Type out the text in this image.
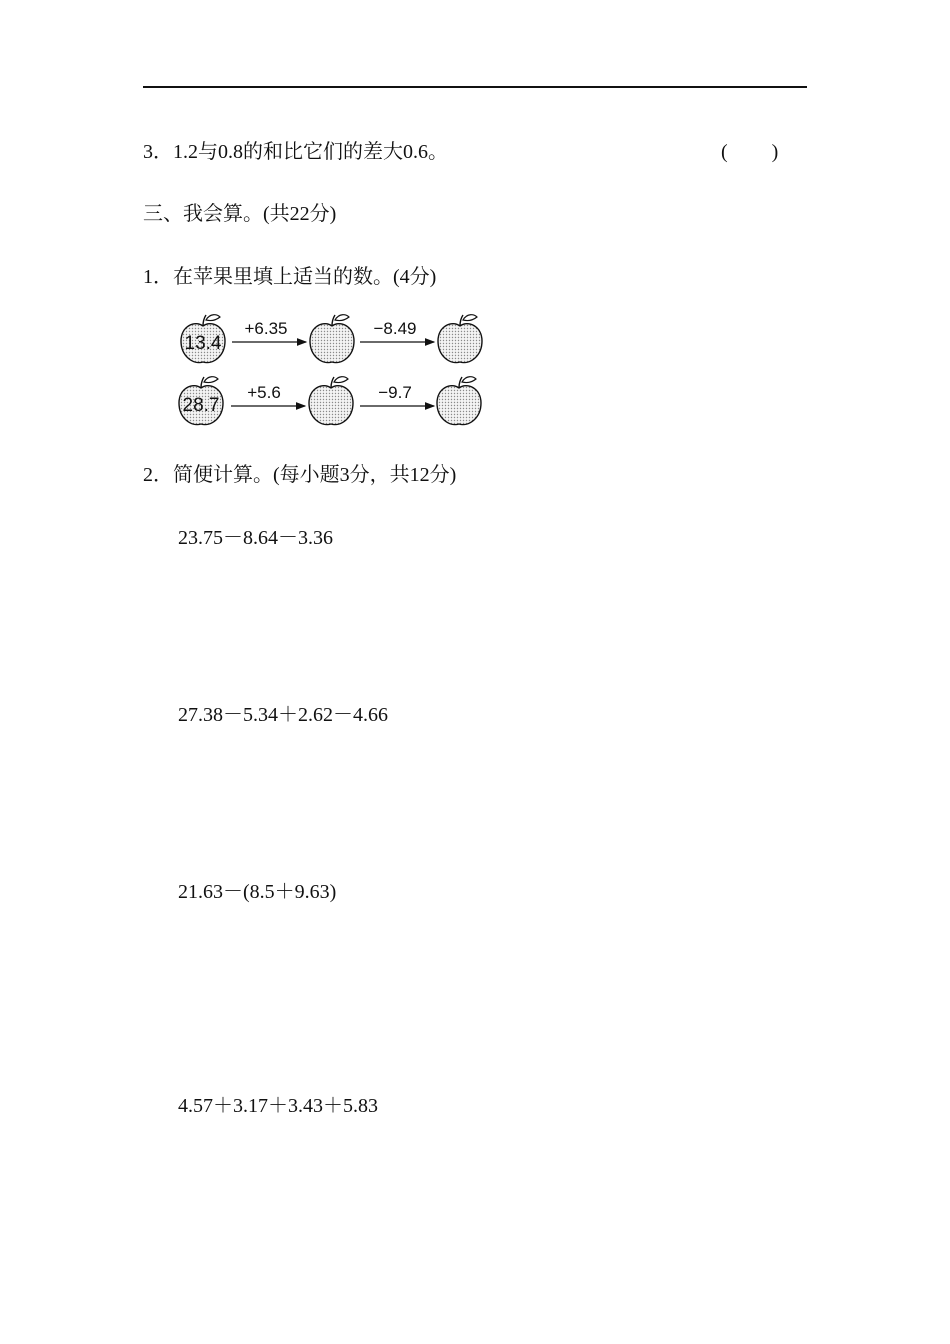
3．1.2与0.8的和比它们的差大0.6。	( )
三、我会算。(共22分)
1．在苹果里填上适当的数。(4分)
13.4
+6.35	−8.49
28.7
+5.6	−9.7
2．简便计算。(每小题3分，共12分)
23.75－8.64－3.36
27.38－5.34＋2.62－4.66
21.63－(8.5＋9.63)
4.57＋3.17＋3.43＋5.83
